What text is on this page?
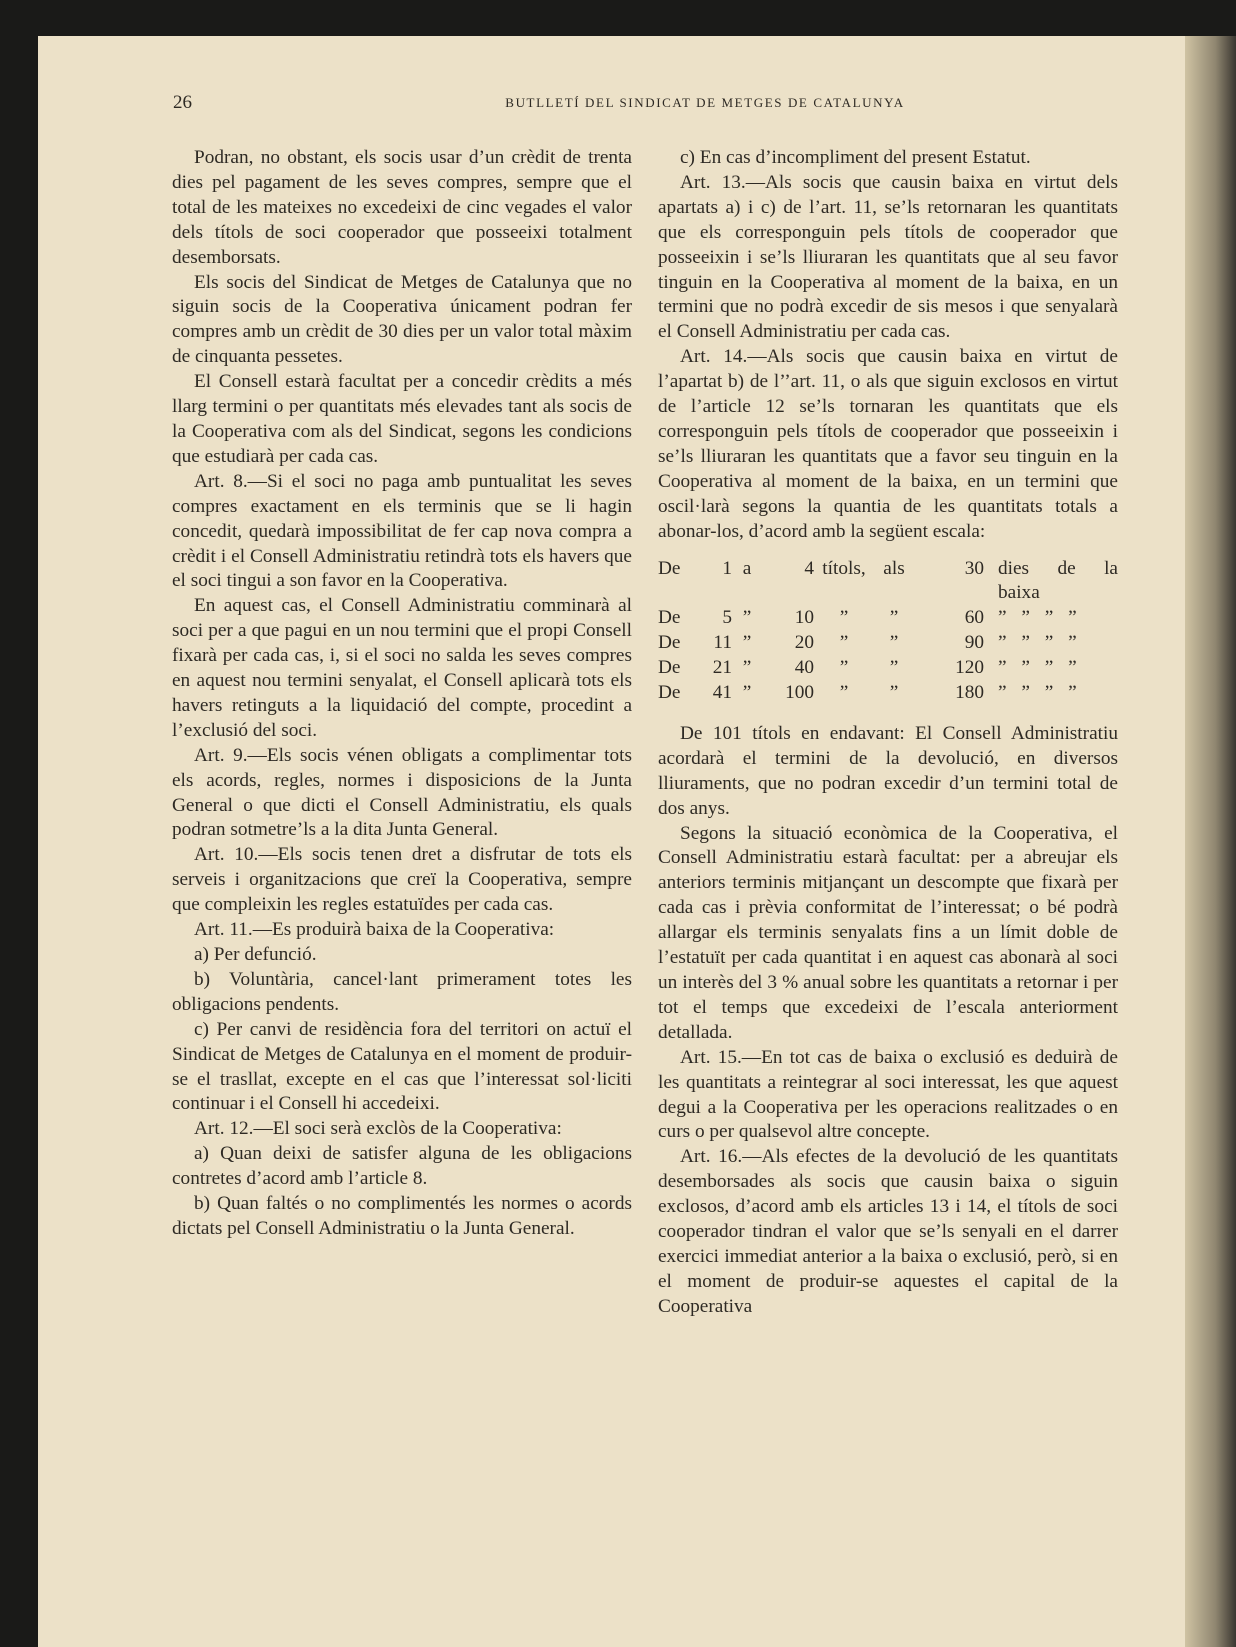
26	BUTLLETÍ DEL SINDICAT DE METGES DE CATALUNYA

Podran, no obstant, els socis usar d’un crèdit de trenta dies pel pagament de les seves compres, sempre que el total de les mateixes no excedeixi de cinc vegades el valor dels títols de soci cooperador que posseeixi totalment desemborsats.

Els socis del Sindicat de Metges de Catalunya que no siguin socis de la Cooperativa únicament podran fer compres amb un crèdit de 30 dies per un valor total màxim de cinquanta pessetes.

El Consell estarà facultat per a concedir crèdits a més llarg termini o per quantitats més elevades tant als socis de la Cooperativa com als del Sindicat, segons les condicions que estudiarà per cada cas.

Art. 8.—Si el soci no paga amb puntualitat les seves compres exactament en els terminis que se li hagin concedit, quedarà impossibilitat de fer cap nova compra a crèdit i el Consell Administratiu retindrà tots els havers que el soci tingui a son favor en la Cooperativa.

En aquest cas, el Consell Administratiu comminarà al soci per a que pagui en un nou termini que el propi Consell fixarà per cada cas, i, si el soci no salda les seves compres en aquest nou termini senyalat, el Consell aplicarà tots els havers retinguts a la liquidació del compte, procedint a l’exclusió del soci.

Art. 9.—Els socis vénen obligats a complimentar tots els acords, regles, normes i disposicions de la Junta General o que dicti el Consell Administratiu, els quals podran sotmetre’ls a la dita Junta General.

Art. 10.—Els socis tenen dret a disfrutar de tots els serveis i organitzacions que creï la Cooperativa, sempre que compleixin les regles estatuïdes per cada cas.

Art. 11.—Es produirà baixa de la Cooperativa:

a) Per defunció.

b) Voluntària, cancel·lant primerament totes les obligacions pendents.

c) Per canvi de residència fora del territori on actuï el Sindicat de Metges de Catalunya en el moment de produir-se el trasllat, excepte en el cas que l’interessat sol·liciti continuar i el Consell hi accedeixi.

Art. 12.—El soci serà exclòs de la Cooperativa:

a) Quan deixi de satisfer alguna de les obligacions contretes d’acord amb l’article 8.

b) Quan faltés o no complimentés les normes o acords dictats pel Consell Administratiu o la Junta General.

c) En cas d’incompliment del present Estatut.

Art. 13.—Als socis que causin baixa en virtut dels apartats a) i c) de l’art. 11, se’ls retornaran les quantitats que els corresponguin pels títols de cooperador que posseeixin i se’ls lliuraran les quantitats que al seu favor tinguin en la Cooperativa al moment de la baixa, en un termini que no podrà excedir de sis mesos i que senyalarà el Consell Administratiu per cada cas.

Art. 14.—Als socis que causin baixa en virtut de l’apartat b) de l’’art. 11, o als que siguin exclosos en virtut de l’article 12 se’ls tornaran les quantitats que els corresponguin pels títols de cooperador que posseeixin i se’ls lliuraran les quantitats que a favor seu tinguin en la Cooperativa al moment de la baixa, en un termini que oscil·larà segons la quantia de les quantitats totals a abonar-los, d’acord amb la següent escala:

De	1 a	4 títols, als	30 dies de la baixa
De	5 ”	10	”	”	60 ” ” ” ”
De	11 ”	20	”	”	90 ” ” ” ”
De	21 ”	40	”	”	120 ” ” ” ”
De	41 ”	100	”	”	180 ” ” ” ”

De 101 títols en endavant: El Consell Administratiu acordarà el termini de la devolució, en diversos lliuraments, que no podran excedir d’un termini total de dos anys.

Segons la situació econòmica de la Cooperativa, el Consell Administratiu estarà facultat: per a abreujar els anteriors terminis mitjançant un descompte que fixarà per cada cas i prèvia conformitat de l’interessat; o bé podrà allargar els terminis senyalats fins a un límit doble de l’estatuït per cada quantitat i en aquest cas abonarà al soci un interès del 3 % anual sobre les quantitats a retornar i per tot el temps que excedeixi de l’escala anteriorment detallada.

Art. 15.—En tot cas de baixa o exclusió es deduirà de les quantitats a reintegrar al soci interessat, les que aquest degui a la Cooperativa per les operacions realitzades o en curs o per qualsevol altre concepte.

Art. 16.—Als efectes de la devolució de les quantitats desemborsades als socis que causin baixa o siguin exclosos, d’acord amb els articles 13 i 14, el títols de soci cooperador tindran el valor que se’ls senyali en el darrer exercici immediat anterior a la baixa o exclusió, però, si en el moment de produir-se aquestes el capital de la Cooperativa
